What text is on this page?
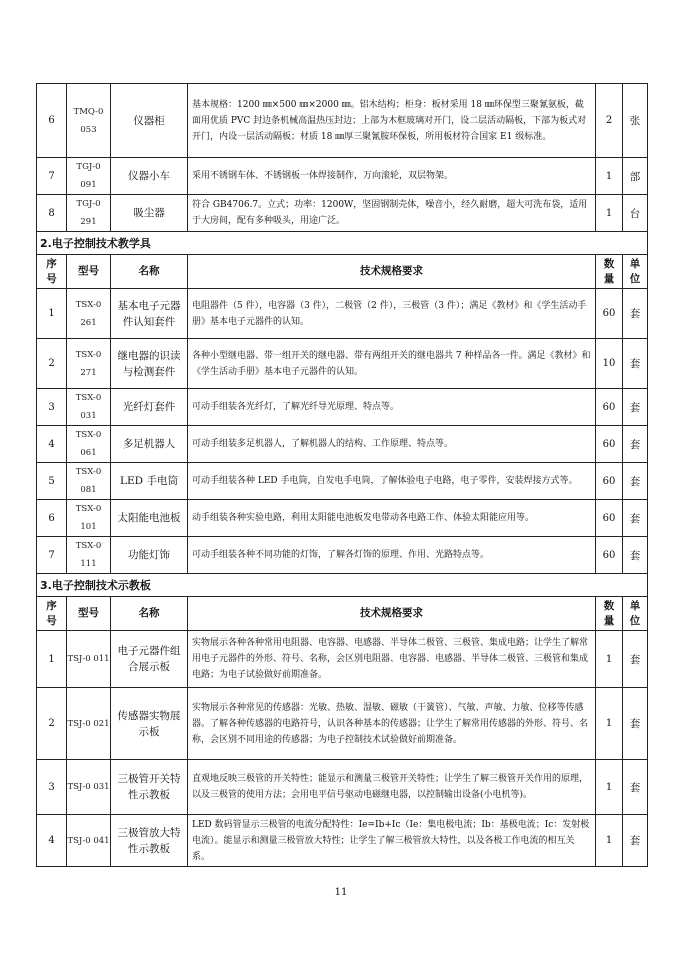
6	TMQ-0 053	仪器柜	基本规格：1200 ㎜×500 ㎜×2000 ㎜。铝木结构；柜身：板材采用 18 ㎜环保型三聚氰氨板，截面用优质 PVC 封边条机械高温热压封边；上部为木框玻璃对开门，设二层活动隔板，下部为板式对开门，内设一层活动隔板；材质 18 ㎜厚三聚氰胺环保板，所用板材符合国家 E1 级标准。	2	张
7	TGJ-0 091	仪器小车	采用不锈钢车体、不锈钢板一体焊接制作，万向滚轮，双层物架。	1	部
8	TGJ-0 291	吸尘器	符合 GB4706.7。立式；功率：1200W，坚固钢制壳体，噪音小，经久耐磨，超大可洗布袋，适用于大房间，配有多种吸头，用途广泛。	1	台
2.电子控制技术教学具					
序号	型号	名称	技术规格要求	数量	单位
1	TSX-0 261	基本电子元器件认知套件	电阻器件（5 件），电容器（3 件），二极管（2 件），三极管（3 件）；满足《教材》和《学生活动手册》基本电子元器件的认知。	60	套
2	TSX-0 271	继电器的识读与检测套件	各种小型继电器、带一组开关的继电器、带有两组开关的继电器共 7 种样品各一件。满足《教材》和《学生活动手册》基本电子元器件的认知。	10	套
3	TSX-0 031	光纤灯套件	可动手组装各光纤灯，了解光纤导光原理、特点等。	60	套
4	TSX-0 061	多足机器人	可动手组装多足机器人，了解机器人的结构、工作原理、特点等。	60	套
5	TSX-0 081	LED 手电筒	可动手组装各种 LED 手电筒，自发电手电筒，了解体验电子电路，电子零件，安装焊接方式等。	60	套
6	TSX-0 101	太阳能电池板	动手组装各种实验电路，利用太阳能电池板发电带动各电路工作、体验太阳能应用等。	60	套
7	TSX-0 111	功能灯饰	可动手组装各种不同功能的灯饰，了解各灯饰的原理、作用、光路特点等。	60	套
3.电子控制技术示教板					
序号	型号	名称	技术规格要求	数量	单位
1	TSJ-0 011	电子元器件组合展示板	实物展示各种各种常用电阻器、电容器、电感器、半导体二极管、三极管、集成电路；让学生了解常用电子元器件的外形、符号、名称，会区别电阻器、电容器、电感器、半导体二极管、三极管和集成电路；为电子试验做好前期准备。	1	套
2	TSJ-0 021	传感器实物展示板	实物展示各种常见的传感器：光敏、热敏、湿敏、磁敏（干簧管）、气敏、声敏、力敏、位移等传感器。了解各种传感器的电路符号，认识各种基本的传感器；让学生了解常用传感器的外形、符号、名称，会区别不同用途的传感器；为电子控制技术试验做好前期准备。	1	套
3	TSJ-0 031	三极管开关特性示教板	直观地反映三极管的开关特性；能显示和测量三极管开关特性；让学生了解三极管开关作用的原理，以及三极管的使用方法；会用电平信号驱动电磁继电器，以控制输出设备(小电机等)。	1	套
4	TSJ-0 041	三极管放大特性示教板	LED 数码管显示三极管的电流分配特性：Ie=Ib+Ic（Ie：集电极电流；Ib：基极电流；Ic：发射极电流）。能显示和测量三极管放大特性；让学生了解三极管放大特性，以及各极工作电流的相互关系。	1	套
11
